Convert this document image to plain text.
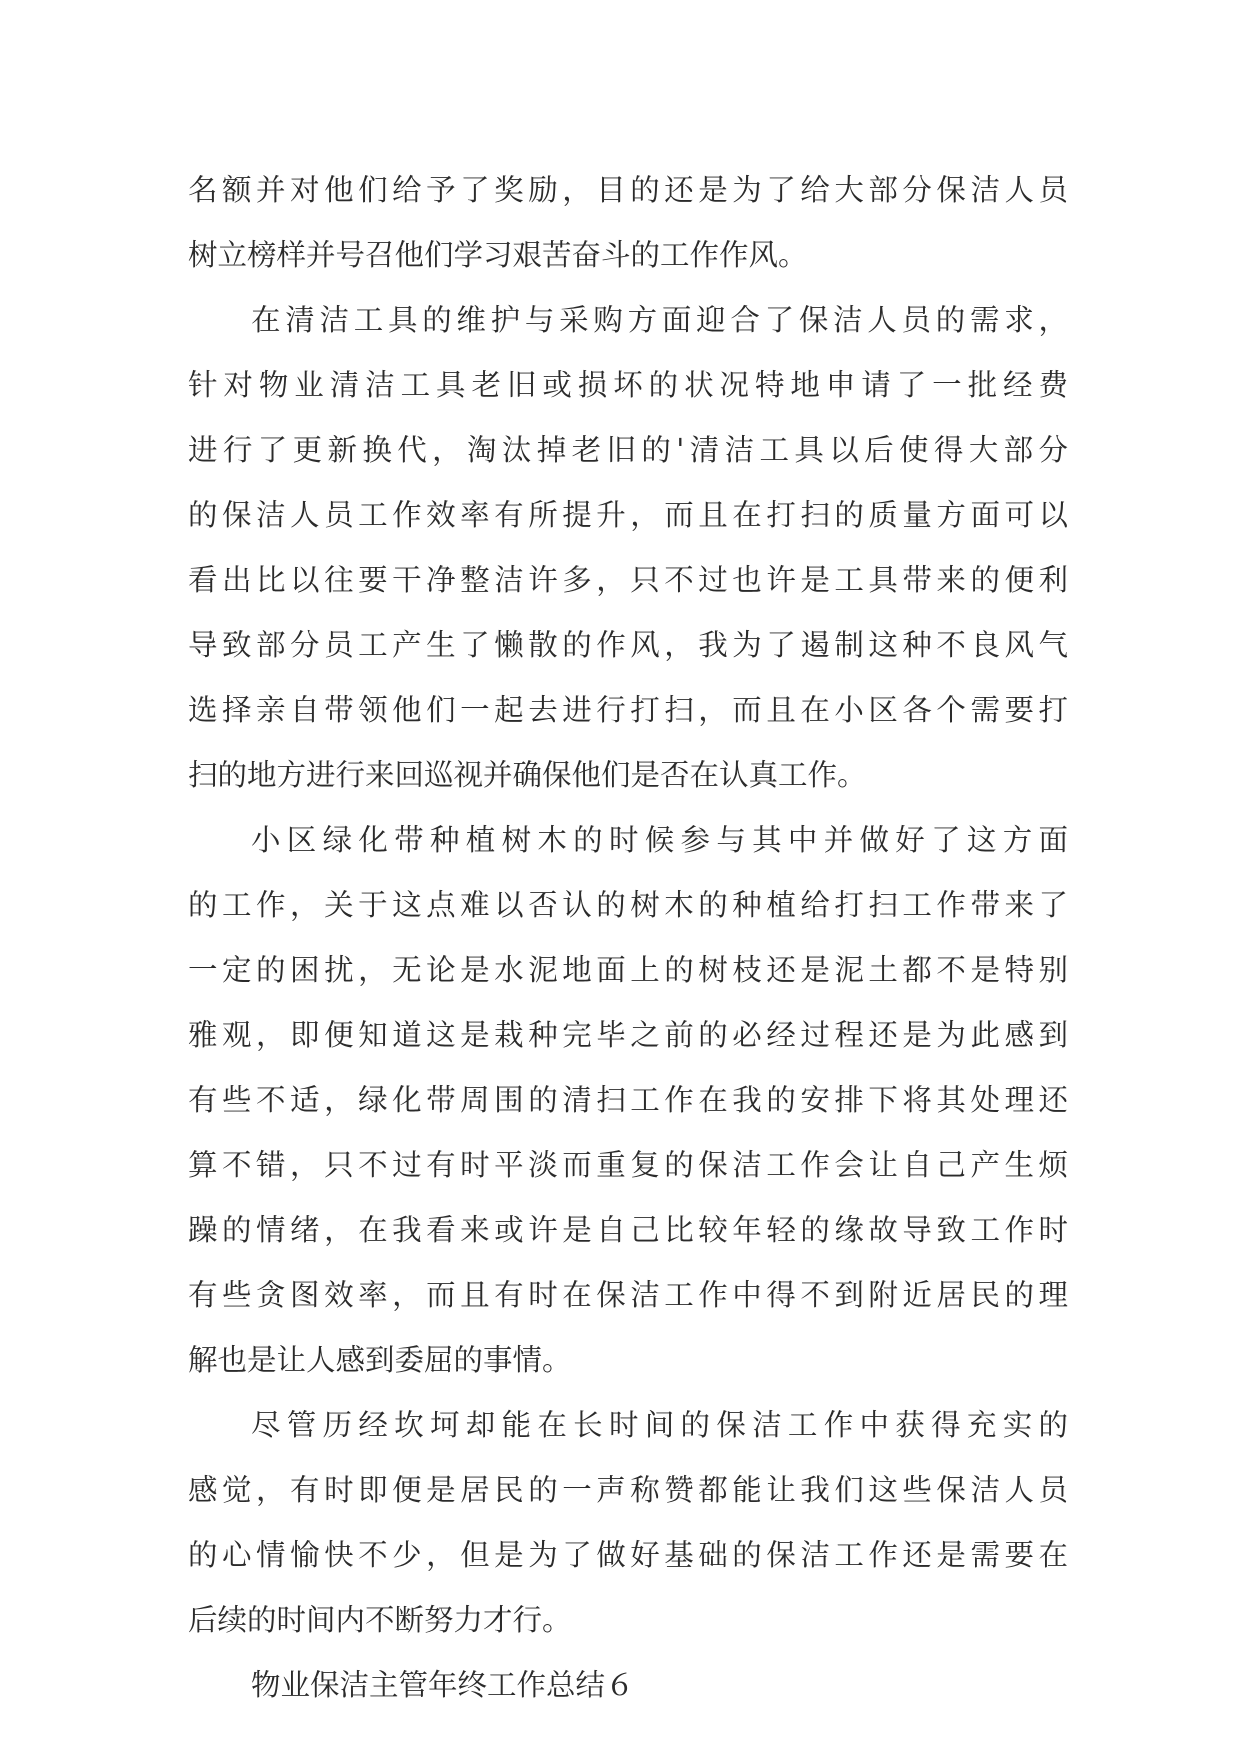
名额并对他们给予了奖励，目的还是为了给大部分保洁人员
树立榜样并号召他们学习艰苦奋斗的工作作风。
在清洁工具的维护与采购方面迎合了保洁人员的需求，
针对物业清洁工具老旧或损坏的状况特地申请了一批经费
进行了更新换代，淘汰掉老旧的'清洁工具以后使得大部分
的保洁人员工作效率有所提升，而且在打扫的质量方面可以
看出比以往要干净整洁许多，只不过也许是工具带来的便利
导致部分员工产生了懒散的作风，我为了遏制这种不良风气
选择亲自带领他们一起去进行打扫，而且在小区各个需要打
扫的地方进行来回巡视并确保他们是否在认真工作。
小区绿化带种植树木的时候参与其中并做好了这方面
的工作，关于这点难以否认的树木的种植给打扫工作带来了
一定的困扰，无论是水泥地面上的树枝还是泥土都不是特别
雅观，即便知道这是栽种完毕之前的必经过程还是为此感到
有些不适，绿化带周围的清扫工作在我的安排下将其处理还
算不错，只不过有时平淡而重复的保洁工作会让自己产生烦
躁的情绪，在我看来或许是自己比较年轻的缘故导致工作时
有些贪图效率，而且有时在保洁工作中得不到附近居民的理
解也是让人感到委屈的事情。
尽管历经坎坷却能在长时间的保洁工作中获得充实的
感觉，有时即便是居民的一声称赞都能让我们这些保洁人员
的心情愉快不少，但是为了做好基础的保洁工作还是需要在
后续的时间内不断努力才行。
物业保洁主管年终工作总结６
